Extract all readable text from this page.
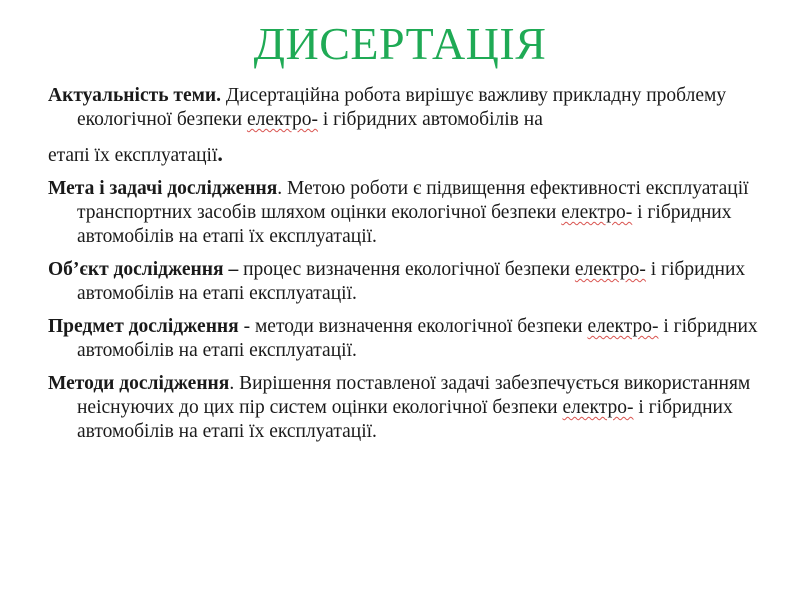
ДИСЕРТАЦІЯ

Актуальність теми. Дисертаційна робота вирішує важливу прикладну проблему екологічної безпеки електро- і гібридних автомобілів на
етапі їх експлуатації.

Мета і задачі дослідження. Метою роботи є підвищення ефективності експлуатації транспортних засобів шляхом оцінки екологічної безпеки електро- і гібридних автомобілів на етапі їх експлуатації.

Об’єкт дослідження – процес визначення екологічної безпеки електро- і гібридних автомобілів на етапі експлуатації.

Предмет дослідження - методи визначення екологічної безпеки електро- і гібридних автомобілів на етапі експлуатації.

Методи дослідження. Вирішення поставленої задачі забезпечується використанням неіснуючих до цих пір систем оцінки екологічної безпеки електро- і гібридних автомобілів на етапі їх експлуатації.
